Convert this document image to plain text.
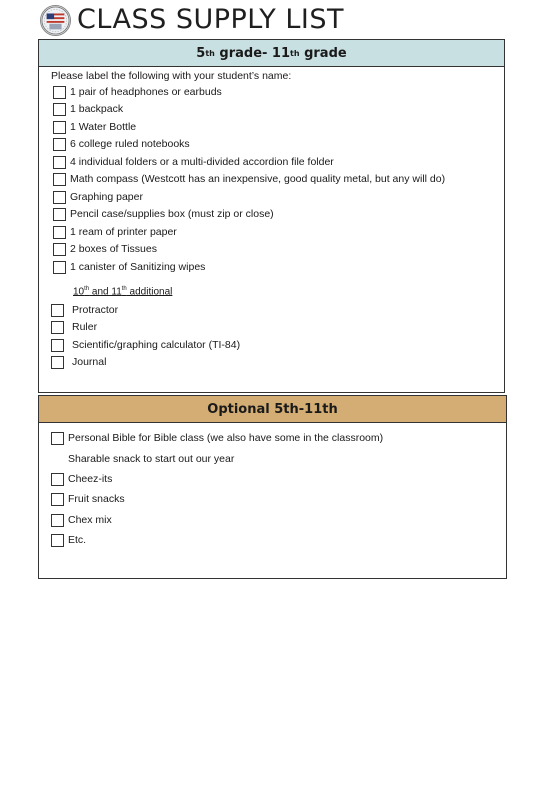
CLASS SUPPLY LIST
5 th grade- 11 th grade
Please label the following with your student’s name:
1 pair of headphones or earbuds
1 backpack
1 Water Bottle
6 college ruled notebooks
4 individual folders or a multi-divided accordion file folder
Math compass (Westcott has an inexpensive, good quality metal, but any will do)
Graphing paper
Pencil case/supplies box (must zip or close)
1 ream of printer paper
2 boxes of Tissues
1 canister of Sanitizing wipes
10th and 11th additional
Protractor
Ruler
Scientific/graphing calculator (TI-84)
Journal
Optional 5th-11th
Personal Bible for Bible class (we also have some in the classroom)
Sharable snack to start out our year
Cheez-its
Fruit snacks
Chex mix
Etc.
